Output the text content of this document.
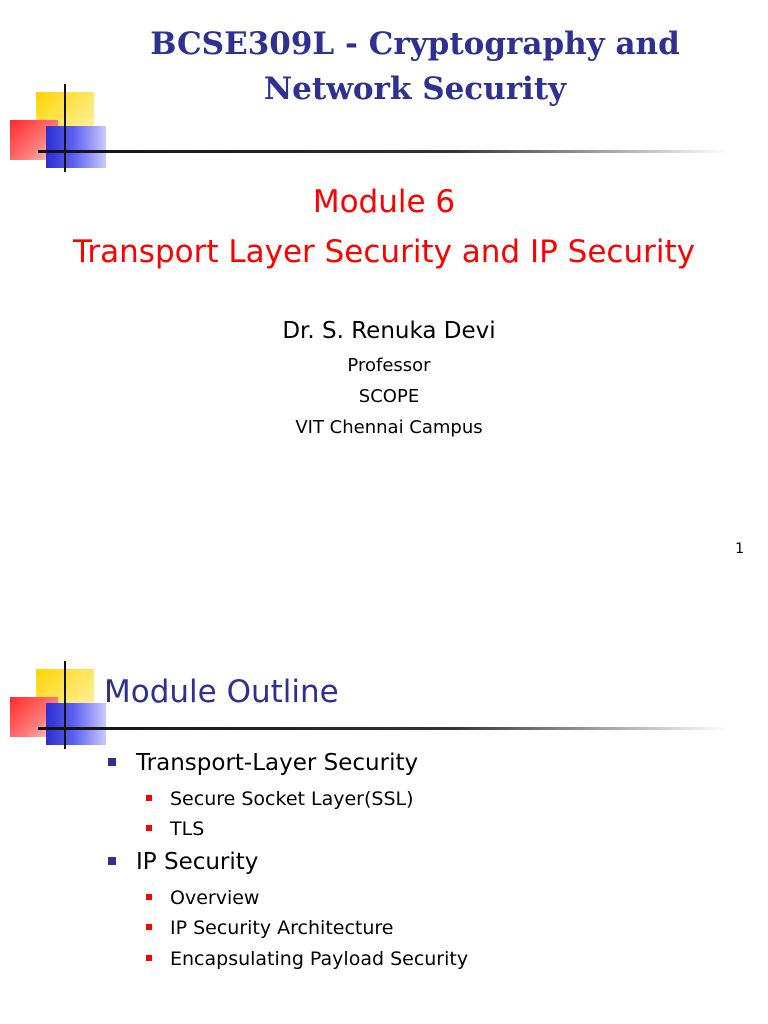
BCSE309L - Cryptography and Network Security
Module 6
Transport Layer Security and IP Security
Dr. S. Renuka Devi
Professor
SCOPE
VIT Chennai Campus
1
Module Outline
Transport-Layer Security
Secure Socket Layer(SSL)
TLS
IP Security
Overview
IP Security Architecture
Encapsulating Payload Security
